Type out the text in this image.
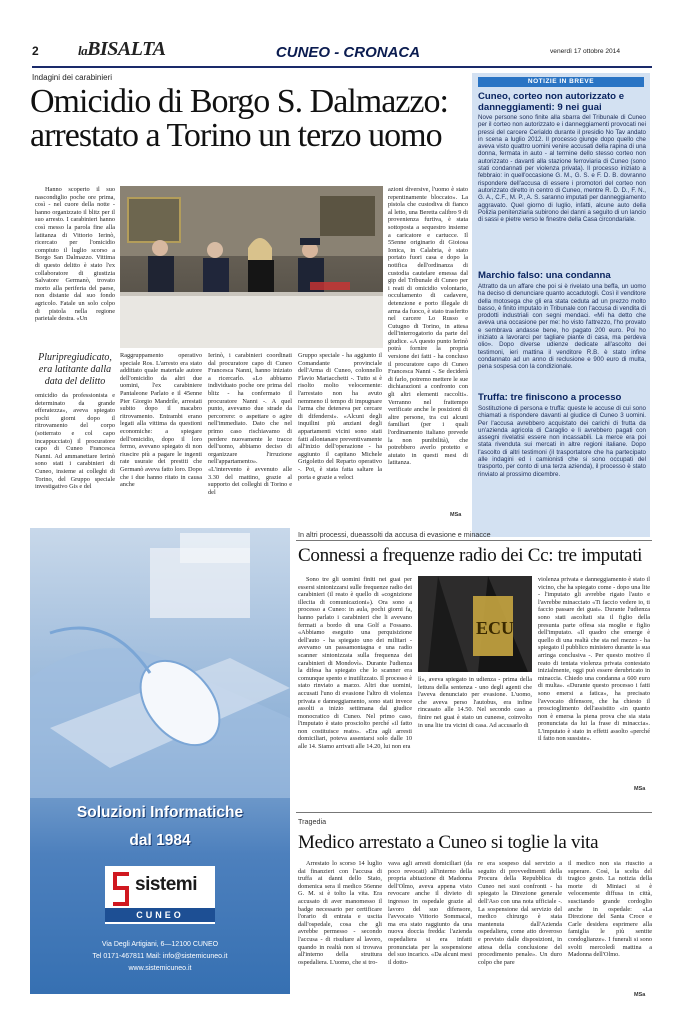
2	laBISALTA	CUNEO - CRONACA	venerdì 17 ottobre 2014
Indagini dei carabinieri
Omicidio di Borgo S. Dalmazzo: arrestato a Torino un terzo uomo
Hanno scoperto il suo nascondiglio poche ore prima, così - nel cuore della notte - hanno organizzato il blitz per il suo arresto. I carabinieri hanno così messo la parola fine alla latitanza di Vittorio Ierinò, ricercato per l'omicidio compiuto il luglio scorso a Borgo San Dalmazzo. Vittima di questo delitto è stato l'ex collaboratore di giustizia Salvatore Germanò, trovato morto alla periferia del paese, non distante dal suo fondo agricolo. Fatale un solo colpo di pistola nella regione parietale destra. «Un
Pluripregiudicato, era latitante dalla data del delitto
omicidio da professionista e determinato da grande efferatezza», aveva spiegato pochi giorni dopo il ritrovamento del corpo (sotterrato e col capo incappucciato) il procuratore capo di Cuneo Francesca Nanni. Ad ammanettare Ierinò sono stati i carabinieri di Cuneo, insieme ai colleghi di Torino, del Gruppo speciale investigativo Gis e del
Raggruppamento operativo speciale Ros. L'arresto era stato addittato quale materiale autore dell'omicidio da altri due uomini, l'ex carabiniere Pantaleone Parlato e il 45enne Pier Giorgio Mandrile, arrestati subito dopo il macabro ritrovamento. Entrambi erano legati alla vittima da questioni economiche: a spiegare dell'omicidio, dopo il loro fermo, avevano spiegato di non riuscire più a pagare le ingenti rate usuraie dei prestiti che Germanò aveva fatto loro. Dopo che i due hanno ritato in causa anche
Ierinò, i carabinieri coordinati dal procuratore capo di Cuneo Francesca Nanni, hanno iniziato a ricercarlo. «Lo abbiamo individuato poche ore prima del blitz - ha confermato il procuratore Nanni -. A quel punto, avevamo due strade da percorrere: o aspettare o agire nell'immediato. Dato che nel primo caso rischiavamo di perdere nuovamente le tracce dell'uomo, abbiamo deciso di organizzare l'irruzione nell'appartamento». «L'intervento è avvenuto alle 3.30 del mattino, grazie al supporto dei colleghi di Torino e del
Gruppo speciale - ha aggiunto il Comandante provinciale dell'Arma di Cuneo, colonnello Flavio Mariacchetti -. Tutto si è risolto molto velocemente: l'arrestato non ha avuto nemmeno il tempo di impugnare l'arma che deteneva per cercare di difendersi». «Alcuni degli inquilini più anziani degli appartamenti vicini sono stati fatti allontanare preventivamente all'inizio dell'operazione - ha aggiunto il capitano Michele Grigoletto del Reparto operativo -. Poi, è stata fatta saltare la porta e grazie a veloci
azioni diversive, l'uomo è stato repentinamente bloccato». La pistola che custodiva di fianco al letto, una Beretta calibro 9 di provenienza furtiva, è stata sottoposta a sequestro insieme a caricatore e cartucce. Il 55enne originario di Gioiosa Ionica, in Calabria, è stato portato fuori casa e dopo la notifica dell'ordinanza di custodia cautelare emessa dal gip del Tribunale di Cuneo per i reati di omicidio volontario, occultamento di cadavere, detenzione e porto illegale di arma da fuoco, è stato trasferito nel carcere Lo Russo e Cutugno di Torino, in attesa dell'interrogatorio da parte del giudice. «A questo punto Ierinò potrà fornire la propria versione dei fatti - ha concluso il procuratore capo di Cuneo Francesca Nanni -. Se deciderà di farlo, potremo mettere le sue dichiarazioni a confronto con gli altri elementi raccolti». Verranno nel frattempo verificate anche le posizioni di altre persone, tra cui alcuni familiari (per i quali l'ordinamento italiano prevede la non punibilità), che potrebbero averlo protetto e aiutato in questi mesi di latitanza.
MSa
NOTIZIE IN BREVE
Cuneo, corteo non autorizzato e danneggiamenti: 9 nei guai
Nove persone sono finite alla sbarra del Tribunale di Cuneo per il corteo non autorizzato e i danneggiamenti provocati nei pressi del carcere Cerialdo durante il presidio No Tav andato in scena a luglio 2012. Il processo giunge dopo quello che aveva visto quattro uomini venire accusati della rapina di una donna, fermata in auto - al termine dello stesso corteo non autorizzato - davanti alla stazione ferroviaria di Cuneo (sono stati condannati per violenza privata). Il processo iniziato a febbraio: in quell'occasione G. M., G. S. e F. D. B. dovranno rispondere dell'accusa di essere i promotori del corteo non autorizzato diretto in centro di Cuneo, mentre R. D. D., F. N., G. A., C.F., M. P., A. S. saranno imputati per danneggiamento aggravato. Quel giorno di luglio, infatti, alcune auto della Polizia penitenziaria subirono dei danni a seguito di un lancio di sassi e pietre verso le finestre della Casa circondariale.
Marchio falso: una condanna
Attratto da un affare che poi si è rivelato una beffa, un uomo ha deciso di denunciare quanto accadutogli. Così il venditore della motosega che gli era stata ceduta ad un prezzo molto basso, è finito imputato in Tribunale con l'accusa di vendita di prodotti industriali con segni mendaci. «Mi ha detto che aveva una occasione per me: ho visto l'attrezzo, l'ho provato e sembrava andasse bene, ho pagato 200 euro. Poi ho iniziato a lavorarci per tagliare piante di casa, ma perdeva olio». Dopo diverse udienze dedicate all'ascolto dei testimoni, ieri mattina il venditore R.B. è stato infine condannato ad un anno di reclusione e 900 euro di multa, pena sospesa con la condizionale.
Truffa: tre finiscono a processo
Sostituzione di persona e truffa: queste le accuse di cui sono chiamati a rispondere davanti al giudice di Cuneo 3 uomini. Per l'accusa avrebbero acquistato dei carichi di frutta da un'azienda agricola di Caraglio e li avrebbero pagati con assegni rivelatisi essere non incassabili. La merce era poi stata rivenduta sui mercati in altre regioni italiane. Dopo l'ascolto di altri testimoni (il trasportatore che ha partecipato alle indagini ed i camionisti che si sono occupati del trasporto, per conto di una terza azienda), il processo è stato rinviato al prossimo dicembre.
Soluzioni Informatiche
dal 1984
sistemi
CUNEO
Via Degli Artigiani, 6—12100 CUNEO
Tel 0171-467811 Mail: info@sistemicuneo.it
www.sistemicuneo.it
In altri processi, dueassolti da accusa di evasione e minacce
Connessi a frequenze radio dei Cc: tre imputati
Sono tre gli uomini finiti nei guai per essersi sintonizzarsi sulle frequenze radio dei carabinieri (il reato è quello di «cognizione illecita di comunicazioni»). Ora sono a processo a Cuneo: in aula, pochi giorni fa, hanno parlato i carabinieri che li avevano fermati a bordo di una Golf a Fossano. «Abbiamo eseguito una perquisizione dell'auto - ha spiegato uno dei militari - avevamo un passamontagna e una radio scanner sintonizzata sulla frequenza dei carabinieri di Mondovì». Durante l'udienza la difesa ha spiegato che lo scanner era comunque spento e inutilizzato. Il processo è stato rinviato a marzo. Altri due uomini, accusati l'uno di evasione l'altro di violenza privata e danneggiamento, sono stati invece assolti a inizio settimana dal giudice monocratico di Cuneo. Nel primo caso, l'imputato è stato prosciolto perché «il fatto non costituisce reato». «Era agli arresti domiciliari, poteva assentarsi solo dalle 10 alle 14. Siamo arrivati alle 14.20, lui non era
lì», aveva spiegato in udienza - prima della lettura della sentenza - uno degli agenti che l'aveva denunciato per evasione. L'uomo, che aveva perso l'autobus, era infine rincasato alle 14.50. Nel secondo caso a finire nei guai è stato un cuneese, coinvolto in una lite tra vicini di casa. Ad accusarlo di
ECU
violenza privata e danneggiamento è stato il vicino, che ha spiegato come - dopo una lite - l'imputato gli avrebbe rigato l'auto e l'avrebbe minacciato «Ti faccio vedere io, ti faccio passare dei guai». Durante l'udienza sono stati ascoltati sia il figlio della presunta parte offesa sia moglie e figlio dell'imputato. «Il quadro che emerge è quello di una realtà che sta nel mezzo - ha spiegato il pubblico ministero durante la sua arringa conclusiva -. Per questo motivo il reato di tentata violenza privata contestato inizialmente, oggi può essere derubricato in minaccia. Chiedo una condanna a 600 euro di multa». «Durante questo processo i fatti sono emersi a fatica», ha precisato l'avvocato difensore, che ha chiesto il proscioglimento dell'assistito «in quanto non è emersa la piena prova che sia stata pronunciata da lui la frase di minaccia». L'imputato è stato in effetti assolto «perché il fatto non sussiste».
MSa
Tragedia
Medico arrestato a Cuneo si toglie la vita
Arrestato lo scorso 14 luglio dai finanzieri con l'accusa di truffa ai danni dello Stato, domenica sera il medico 56enne G. M. si è tolto la vita. Era accusato di aver manomesso il badge necessario per certificare l'orario di entrata e uscita dall'ospedale, cosa che gli avrebbe permesso - secondo l'accusa - di risultare al lavoro, quando in realtà non si trovava all'interno della struttura ospedaliera. L'uomo, che si tro-
vava agli arresti domiciliari (da poco revocati) all'interno della propria abitazione di Madonna dell'Olmo, aveva appena visto revocare anche il divieto di ingresso in ospedale grazie al lavoro del suo difensore, l'avvocato Vittorio Sommacal, ma era stato raggiunto da una nuova doccia fredda: l'azienda ospedaliera si era infatti pronunciata per la sospensione del suo incarico. «Da alcuni mesi il dotto-
re era sospeso dal servizio a seguito di provvedimenti della Procura della Repubblica di Cuneo nei suoi confronti - ha spiegato la Direzione generale dell'Aso con una nota ufficiale -. La sospensione dal servizio del medico chirurgo è stata mantenuta dall'Azienda ospedaliera, come atto doveroso e previsto dalle disposizioni, in attesa della conclusione del procedimento penale». Un duro colpo che pare
il medico non sia riuscito a superare. Così, la scelta del tragico gesto. La notizia della morte di Miniaci si è velocemente diffusa in città, suscitando grande cordoglio anche in ospedale: «La Direzione del Santa Croce e Carle desidera esprimere alla famiglia le più sentite condoglianze». I funerali si sono svolti mercoledì mattina a Madonna dell'Olmo.
MSa
